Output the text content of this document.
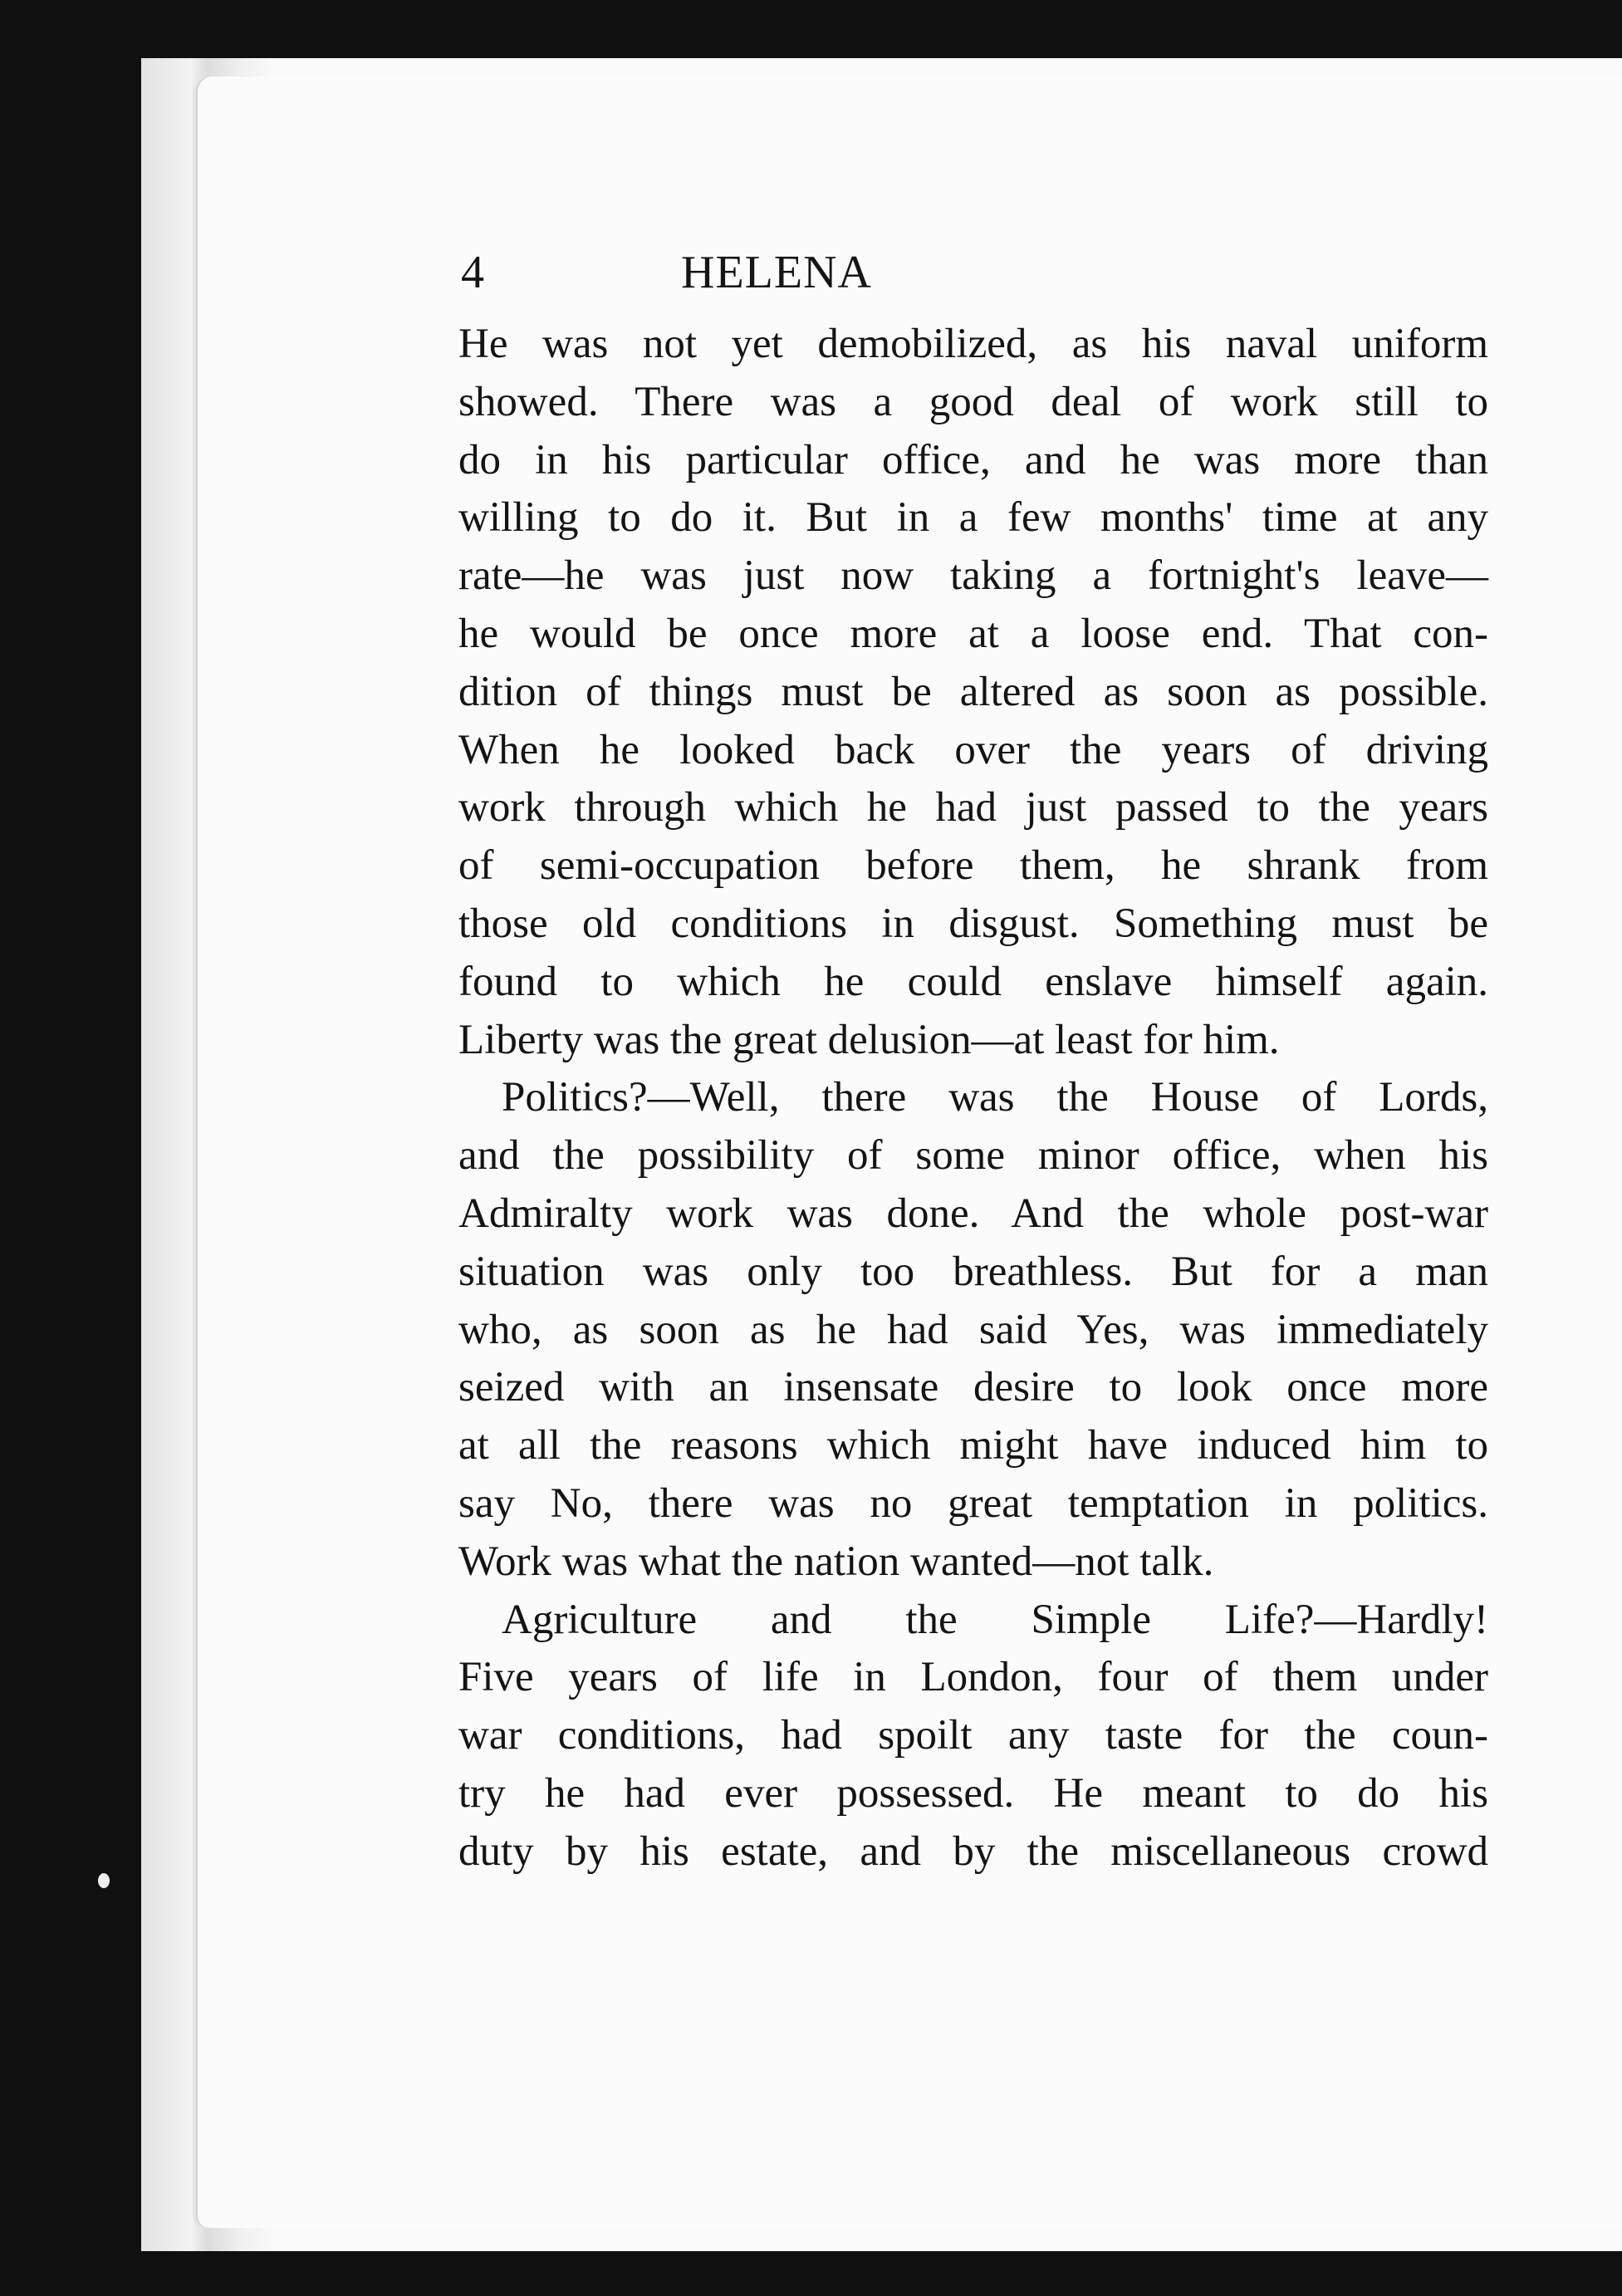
4	HELENA
He was not yet demobilized, as his naval uniform
showed. There was a good deal of work still to
do in his particular office, and he was more than
willing to do it. But in a few months' time at any
rate—he was just now taking a fortnight's leave—
he would be once more at a loose end. That con-
dition of things must be altered as soon as possible.
When he looked back over the years of driving
work through which he had just passed to the years
of semi-occupation before them, he shrank from
those old conditions in disgust. Something must be
found to which he could enslave himself again.
Liberty was the great delusion—at least for him.
Politics?—Well, there was the House of Lords,
and the possibility of some minor office, when his
Admiralty work was done. And the whole post-war
situation was only too breathless. But for a man
who, as soon as he had said Yes, was immediately
seized with an insensate desire to look once more
at all the reasons which might have induced him to
say No, there was no great temptation in politics.
Work was what the nation wanted—not talk.
Agriculture and the Simple Life?—Hardly!
Five years of life in London, four of them under
war conditions, had spoilt any taste for the coun-
try he had ever possessed. He meant to do his
duty by his estate, and by the miscellaneous crowd
